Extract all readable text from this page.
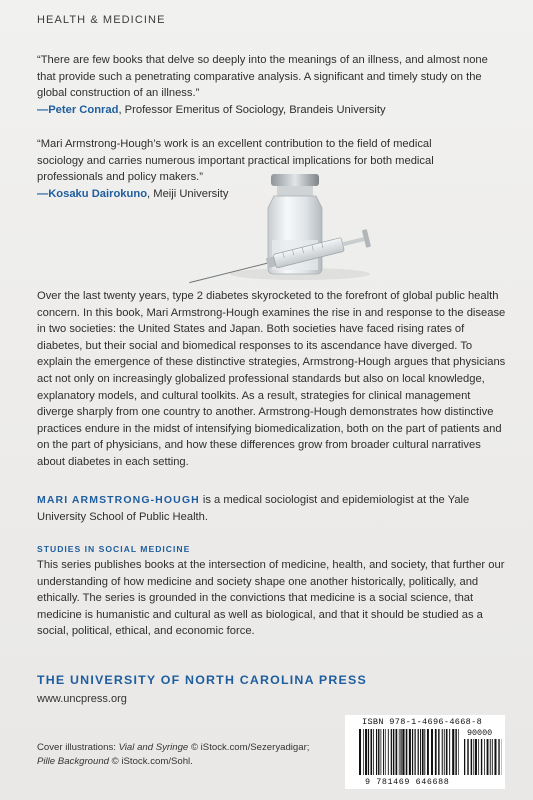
HEALTH & MEDICINE

“There are few books that delve so deeply into the meanings of an illness, and almost none that provide such a penetrating comparative analysis. A significant and timely study on the global construction of an illness.”

—Peter Conrad, Professor Emeritus of Sociology, Brandeis University

“Mari Armstrong-Hough’s work is an excellent contribution to the field of medical sociology and carries numerous important practical implications for both medical professionals and policy makers.”

—Kosaku Dairokuno, Meiji University

Over the last twenty years, type 2 diabetes skyrocketed to the forefront of global public health concern. In this book, Mari Armstrong-Hough examines the rise in and response to the disease in two societies: the United States and Japan. Both societies have faced rising rates of diabetes, but their social and biomedical responses to its ascendance have diverged. To explain the emergence of these distinctive strategies, Armstrong-Hough argues that physicians act not only on increasingly globalized professional standards but also on local knowledge, explanatory models, and cultural toolkits. As a result, strategies for clinical management diverge sharply from one country to another. Armstrong-Hough demonstrates how distinctive practices endure in the midst of intensifying biomedicalization, both on the part of patients and on the part of physicians, and how these differences grow from broader cultural narratives about diabetes in each setting.
MARI ARMSTRONG-HOUGH is a medical sociologist and epidemiologist at the Yale University School of Public Health.
STUDIES IN SOCIAL MEDICINE
This series publishes books at the intersection of medicine, health, and society, that further our understanding of how medicine and society shape one another historically, politically, and ethically. The series is grounded in the convictions that medicine is a social science, that medicine is humanistic and cultural as well as biological, and that it should be studied as a social, political, ethical, and economic force.
THE UNIVERSITY OF NORTH CAROLINA PRESS
www.uncpress.org
Cover illustrations: Vial and Syringe © iStock.com/Sezeryadigar;
Pille Background © iStock.com/Sohl.
ISBN 978-1-4696-4668-8
90000
9 781469 646688
